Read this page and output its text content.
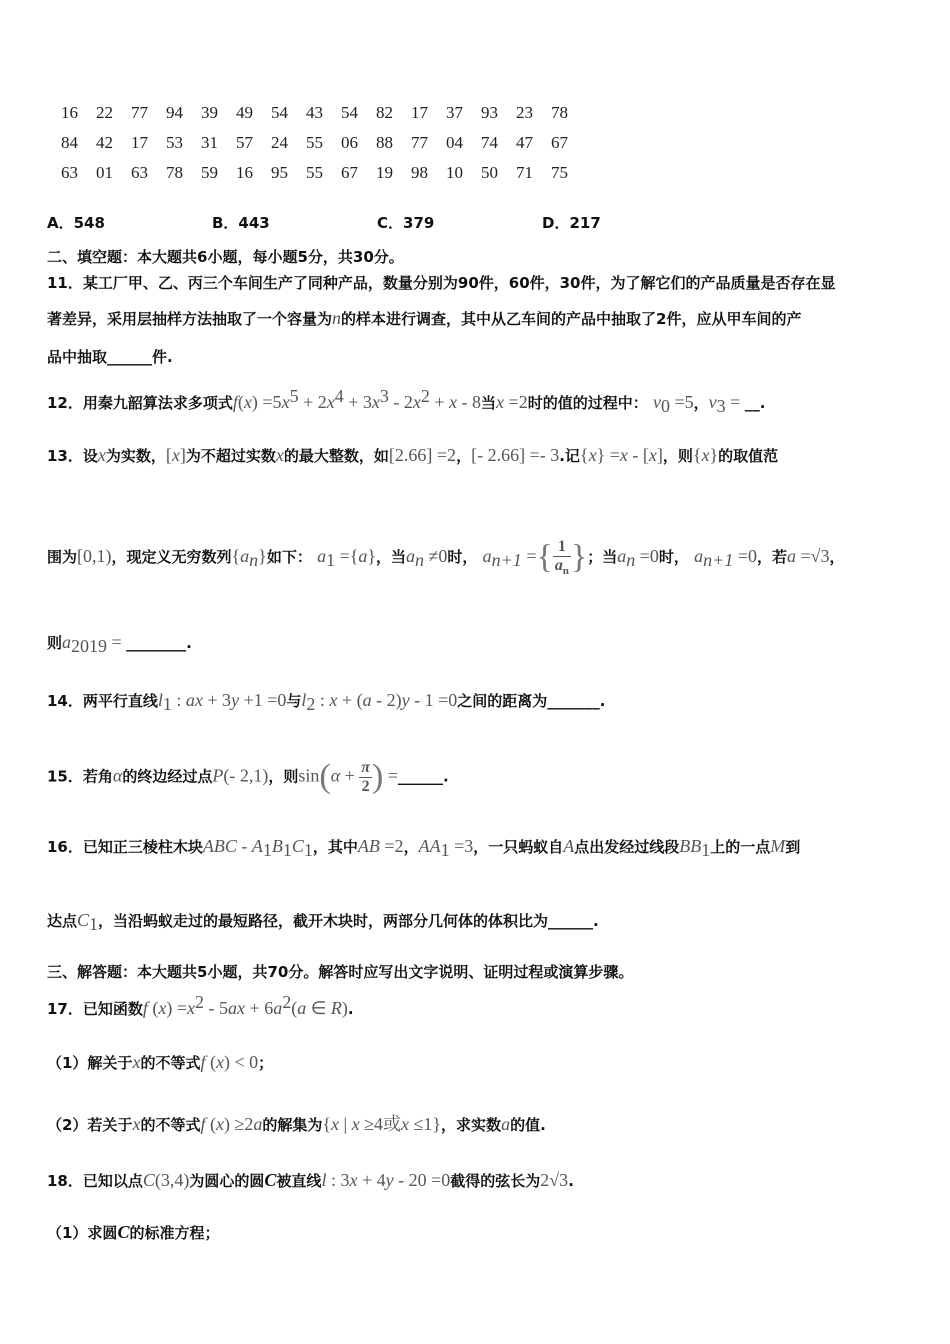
16	22	77	94	39	49	54	43	54	82	17	37	93	23	78
84	42	17	53	31	57	24	55	06	88	77	04	74	47	67
63	01	63	78	59	16	95	55	67	19	98	10	50	71	75
A．548	B．443	C．379	D．217
二、填空题：本大题共6小题，每小题5分，共30分。
11．某工厂甲、乙、丙三个车间生产了同种产品，数量分别为90件，60件，30件，为了解它们的产品质量是否存在显
著差异，采用层抽样方法抽取了一个容量为n的样本进行调查，其中从乙车间的产品中抽取了2件，应从甲车间的产
品中抽取______件.
12．用秦九韶算法求多项式$f(x) =5x^5 + 2x^4 + 3x^3 - 2x^2 + x - 8$当x =2时的值的过程中： $v_0 =5$，$v_3$ = __.
13．设x为实数，[x]为不超过实数x的最大整数，如[2.66] =2，[- 2.66] =- 3.记{x} =x - [x]，则{x}的取值范
围为[0,1)，现定义无穷数列$\{a_n\}$如下： $a_1 =\{a\}$，当$a_n \ne 0$时， $a_{n+1}$ ={ $\frac{1}{a_n}$ }；当$a_n =0$时， $a_{n+1} =0$，若a =√3，
则$a_{2019}$ = ________.
14．两平行直线$l_1$ : ax + 3y +1 =0与$l_2$ : x + (a - 2)y - 1 =0之间的距离为_______.
15．若角α的终边经过点P(- 2,1)，则$\sin(\alpha + \frac{\pi}{2}$ ) =______.
16．已知正三棱柱木块ABC - $A_1B_1C_1$，其中AB =2，$AA_1 =3$，一只蚂蚁自A点出发经过线段$BB_1$上的一点M到
达点$C_1$，当沿蚂蚁走过的最短路径，截开木块时，两部分几何体的体积比为______.
三、解答题：本大题共5小题，共70分。解答时应写出文字说明、证明过程或演算步骤。
17．已知函数f $(x) =x^2 - 5ax + 6a^2(a$ ∈ R).
（1）解关于x的不等式f (x) < 0；
（2）若关于x的不等式f (x) ≥2a的解集为{x | x ≥4或x ≤1}，求实数a的值.
18．已知以点C(3,4)为圆心的圆C被直线l : 3x + 4y - 20 =0截得的弦长为2√3.
（1）求圆C的标准方程；
